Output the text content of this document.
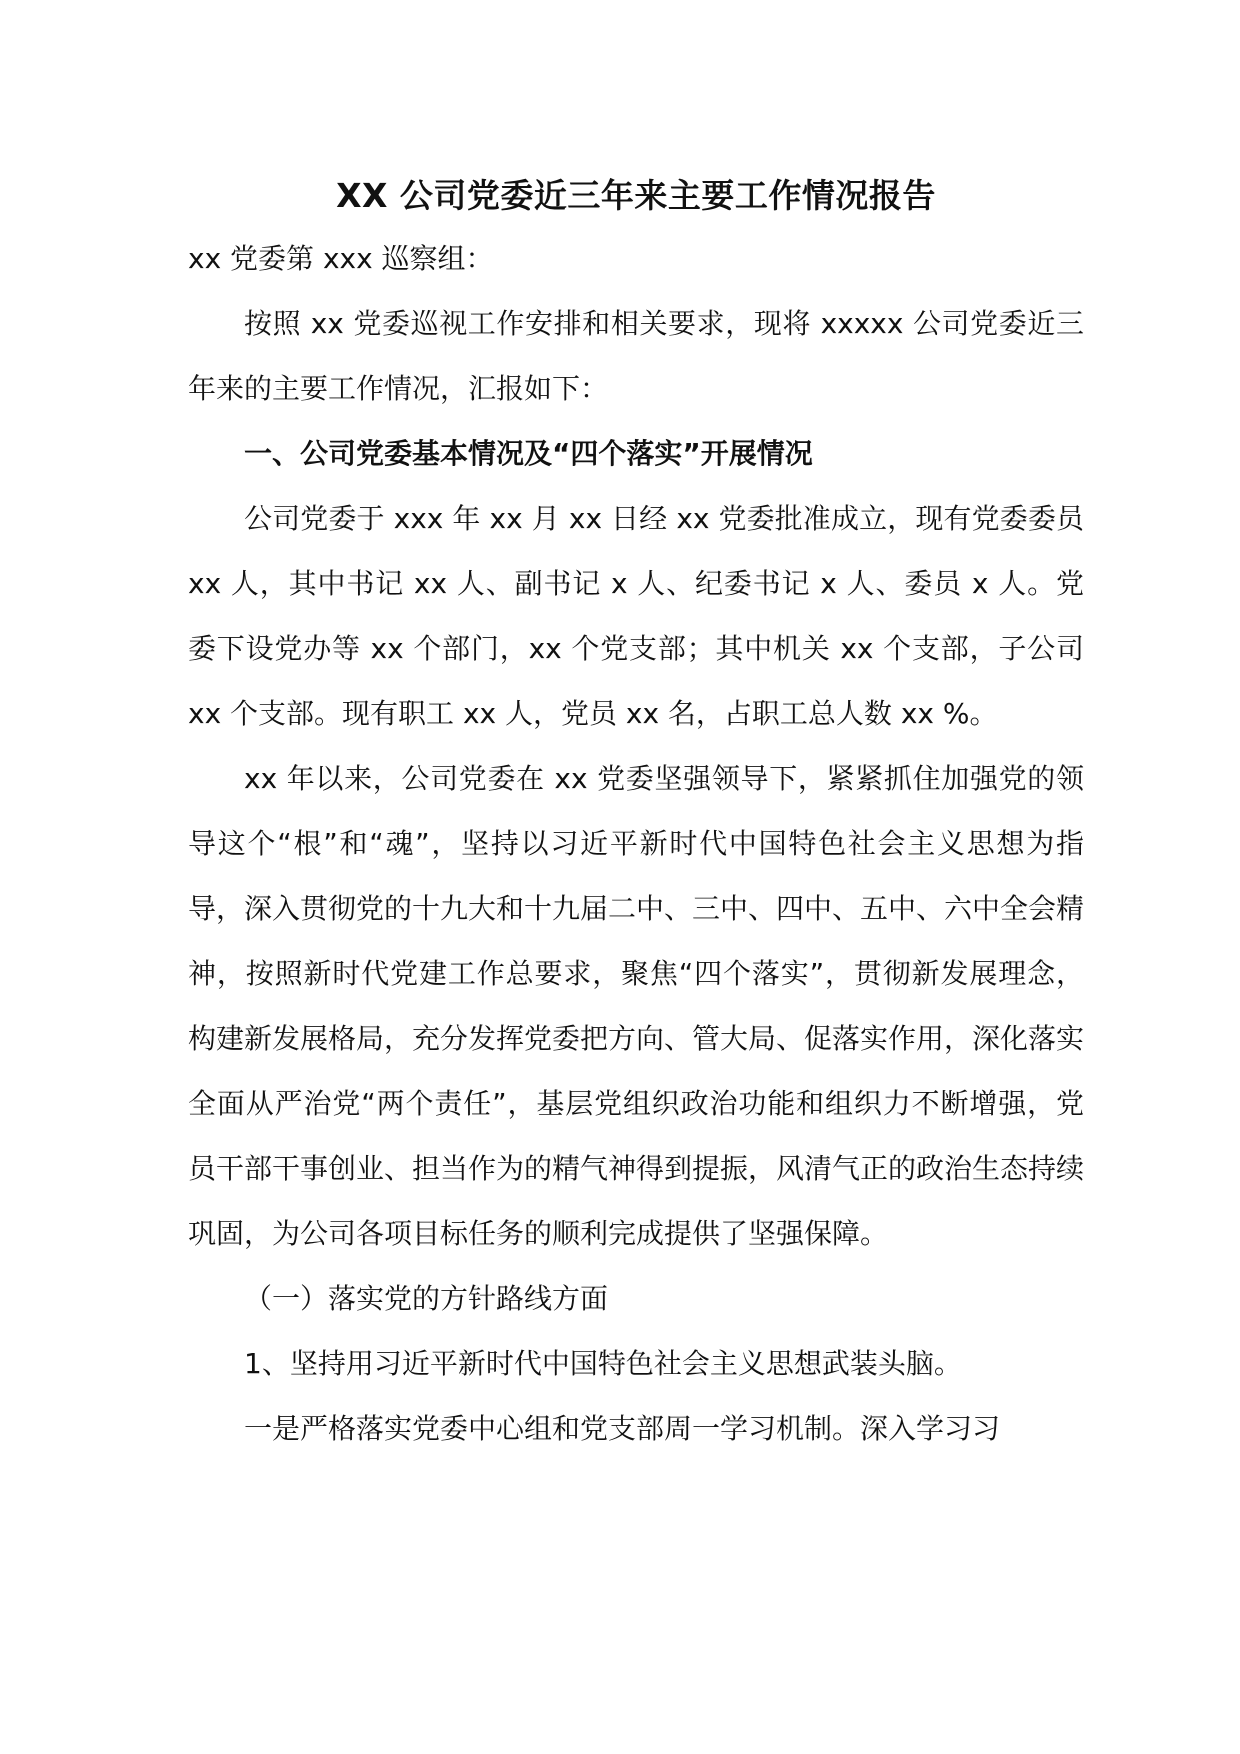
XX 公司党委近三年来主要工作情况报告

xx 党委第 xxx 巡察组：

按照 xx 党委巡视工作安排和相关要求，现将 xxxxx 公司党委近三年来的主要工作情况，汇报如下：

一、公司党委基本情况及“四个落实”开展情况

公司党委于 xxx 年 xx 月 xx 日经 xx 党委批准成立，现有党委委员 xx 人，其中书记 xx 人、副书记 x 人、纪委书记 x 人、委员 x 人。党委下设党办等 xx 个部门，xx 个党支部；其中机关 xx 个支部，子公司 xx 个支部。现有职工 xx 人，党员 xx 名，占职工总人数 xx %。

xx 年以来，公司党委在 xx 党委坚强领导下，紧紧抓住加强党的领导这个“根”和“魂”，坚持以习近平新时代中国特色社会主义思想为指导，深入贯彻党的十九大和十九届二中、三中、四中、五中、六中全会精神，按照新时代党建工作总要求，聚焦“四个落实”，贯彻新发展理念，构建新发展格局，充分发挥党委把方向、管大局、促落实作用，深化落实全面从严治党“两个责任”，基层党组织政治功能和组织力不断增强，党员干部干事创业、担当作为的精气神得到提振，风清气正的政治生态持续巩固，为公司各项目标任务的顺利完成提供了坚强保障。

（一）落实党的方针路线方面

1、坚持用习近平新时代中国特色社会主义思想武装头脑。

一是严格落实党委中心组和党支部周一学习机制。深入学习习
